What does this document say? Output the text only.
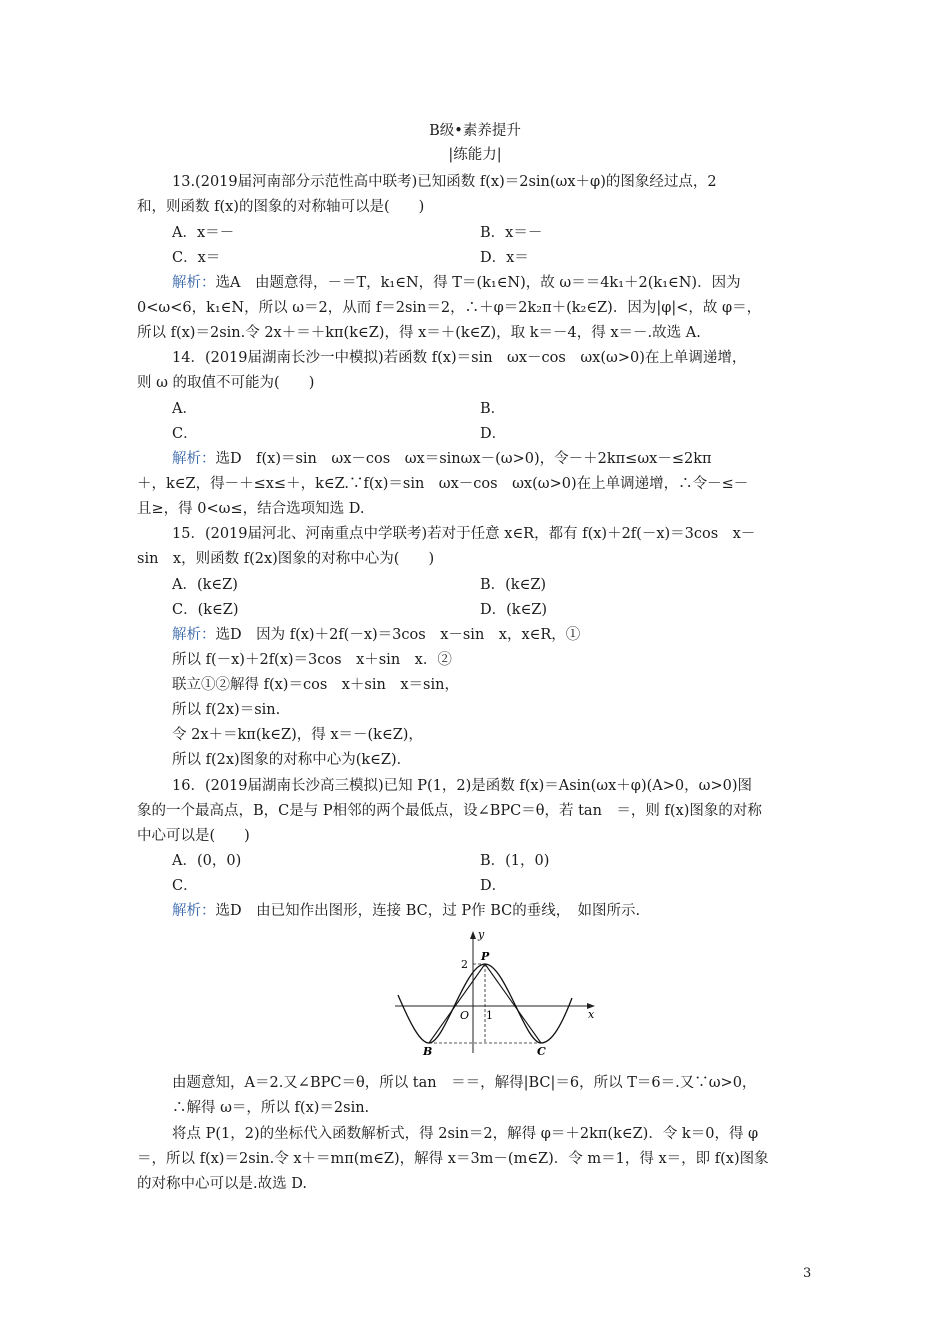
B级•素养提升
|练能力|
13.(2019届河南部分示范性高中联考)已知函数 f(x)＝2sin(ωx＋φ)的图象经过点，2
和，则函数 f(x)的图象的对称轴可以是(　　)
A．x＝－	B．x＝－
C．x＝	D．x＝
解析：选A　由题意得，－＝T，k₁∈N，得 T＝(k₁∈N)，故 ω＝＝4k₁＋2(k₁∈N)．因为
0<ω<6，k₁∈N，所以 ω＝2，从而 f＝2sin＝2，∴＋φ＝2k₂π＋(k₂∈Z)．因为|φ|<，故 φ＝，
所以 f(x)＝2sin.令 2x＋＝＋kπ(k∈Z)，得 x＝＋(k∈Z)，取 k＝－4，得 x＝－.故选 A.
14．(2019届湖南长沙一中模拟)若函数 f(x)＝sin　ωx－cos　ωx(ω>0)在上单调递增，
则 ω 的取值不可能为(　　)
A．	B．
C．	D．
解析：选D　f(x)＝sin　ωx－cos　ωx＝sinωx－(ω>0)，令－＋2kπ≤ωx－≤2kπ
＋，k∈Z，得－＋≤x≤＋，k∈Z.∵f(x)＝sin　ωx－cos　ωx(ω>0)在上单调递增，∴令－≤－
且≥，得 0<ω≤，结合选项知选 D.
15．(2019届河北、河南重点中学联考)若对于任意 x∈R，都有 f(x)＋2f(－x)＝3cos　x－
sin　x，则函数 f(2x)图象的对称中心为(　　)
A．(k∈Z)	B．(k∈Z)
C．(k∈Z)	D．(k∈Z)
解析：选D　因为 f(x)＋2f(－x)＝3cos　x－sin　x，x∈R，①
所以 f(－x)＋2f(x)＝3cos　x＋sin　x．②
联立①②解得 f(x)＝cos　x＋sin　x＝sin，
所以 f(2x)＝sin.
令 2x＋＝kπ(k∈Z)，得 x＝－(k∈Z)，
所以 f(2x)图象的对称中心为(k∈Z)．
16．(2019届湖南长沙高三模拟)已知 P(1，2)是函数 f(x)＝Asin(ωx＋φ)(A>0，ω>0)图
象的一个最高点，B，C是与 P相邻的两个最低点，设∠BPC＝θ，若 tan　＝，则 f(x)图象的对称
中心可以是(　　)
A．(0，0)	B．(1，0)
C．	D．
解析：选D　由已知作出图形，连接 BC，过 P作 BC的垂线，　如图所示.
y
x
O
2
1
P
B	C
由题意知，A＝2.又∠BPC＝θ，所以 tan　＝＝，解得|BC|＝6，所以 T＝6＝.又∵ω>0，
∴解得 ω＝，所以 f(x)＝2sin.
将点 P(1，2)的坐标代入函数解析式，得 2sin＝2，解得 φ＝＋2kπ(k∈Z)．令 k＝0，得 φ
＝，所以 f(x)＝2sin.令 x＋＝mπ(m∈Z)，解得 x＝3m－(m∈Z)．令 m＝1，得 x＝，即 f(x)图象
的对称中心可以是.故选 D.
3
